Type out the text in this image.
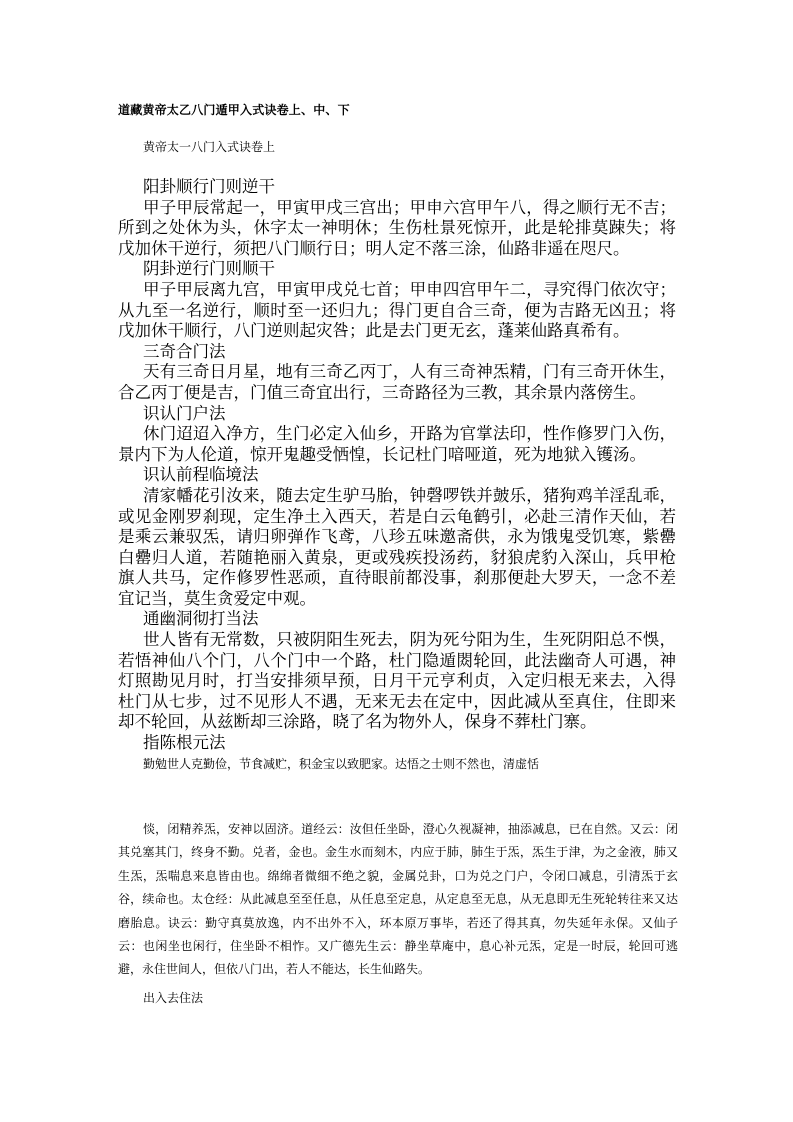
道藏黄帝太乙八门遁甲入式诀卷上、中、下
黄帝太一八门入式诀卷上
阳卦顺行门则逆干
甲子甲辰常起一，甲寅甲戌三宫出；甲申六宫甲午八，得之顺行无不吉；所到之处休为头，休字太一神明休；生伤杜景死惊开，此是轮排莫踈失；将戊加休干逆行，须把八门顺行日；明人定不落三涂，仙路非遥在咫尺。
阴卦逆行门则顺干
甲子甲辰离九宫，甲寅甲戌兑七首；甲申四宫甲午二，寻究得门依次守；从九至一名逆行，顺时至一还归九；得门更自合三奇，便为吉路无凶丑；将戊加休干顺行，八门逆则起灾咎；此是去门更无玄，蓬莱仙路真希有。
三奇合门法
天有三奇日月星，地有三奇乙丙丁，人有三奇神炁精，门有三奇开休生，合乙丙丁便是吉，门值三奇宜出行，三奇路径为三教，其余景内落傍生。
识认门户法
休门迢迢入净方，生门必定入仙乡，开路为官掌法印，性作修罗门入伤，景内下为人伦道，惊开鬼趣受恓惶，长记杜门喑哑道，死为地狱入镬汤。
识认前程临境法
清家幡花引汝来，随去定生驴马胎，钟磬啰铁并皷乐，猪狗鸡羊淫乱乖，或见金刚罗刹现，定生净土入西天，若是白云龟鹤引，必赴三清作天仙，若是乘云兼驭炁，请归卵弹作飞鸢，八珍五味邀斋供，永为饿鬼受饥寒，紫罍白罍归人道，若随艳丽入黄泉，更或残疾投汤药，豺狼虎豹入深山，兵甲枪旗人共马，定作修罗性恶顽，直待眼前都没事，刹那便赴大罗天，一念不差宜记当，莫生贪爱定中观。
通幽洞彻打当法
世人皆有无常数，只被阴阳生死去，阴为死兮阳为生，生死阴阳总不悞，若悟神仙八个门，八个门中一个路，杜门隐遁閦轮回，此法幽奇人可遇，神灯照勘见月时，打当安排须早预，日月干元亨利贞，入定归根无来去，入得杜门从七步，过不见形人不遇，无来无去在定中，因此减从至真住，住即来却不轮回，从兹断却三涂路，晓了名为物外人，保身不葬杜门寨。
指陈根元法
勤勉世人克勤俭，节食减贮，积金宝以致肥家。达悟之士则不然也，清虚恬
惔，闭精养炁，安神以固济。道经云：汝但任坐卧，澄心久视凝神，抽添减息，已在自然。又云：闭其兑塞其门，终身不勤。兑者，金也。金生水而刻木，内应于肺，肺生于炁，炁生于津，为之金液，肺又生炁，炁喘息来息皆由也。绵绵者微细不绝之貌，金属兑卦，口为兑之门户，令闭口减息，引清炁于玄谷，续命也。太仓经：从此减息至至任息，从任息至定息，从定息至无息，从无息即无生死轮转往来又达磨胎息。诀云：勤守真莫放逸，内不出外不入，环本原万事毕，若还了得其真，勿失延年永保。又仙子云：也闲坐也闲行，住坐卧不相怍。又广德先生云：静坐草庵中，息心补元炁，定是一时辰，轮回可逃避，永住世间人，但依八门出，若人不能达，长生仙路失。
出入去住法
